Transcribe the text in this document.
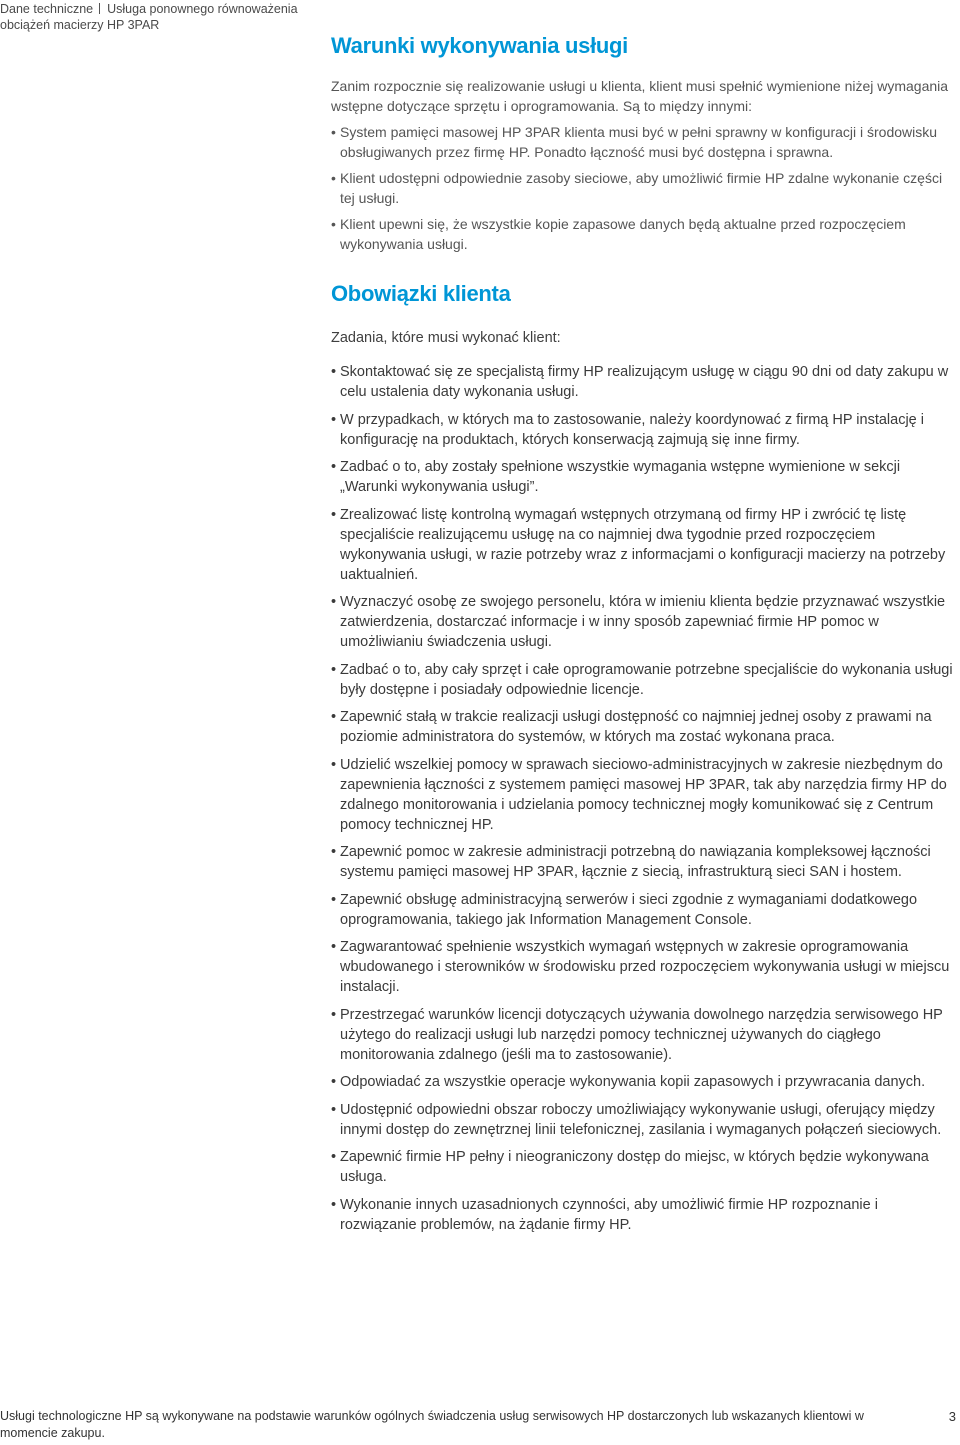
Dane techniczne Usługa ponownego równoważenia
obciążeń macierzy HP 3PAR
Warunki wykonywania usługi

Zanim rozpocznie się realizowanie usługi u klienta, klient musi spełnić wymienione niżej wymagania wstępne dotyczące sprzętu i oprogramowania. Są to między innymi:

• System pamięci masowej HP 3PAR klienta musi być w pełni sprawny w konfiguracji i środowisku obsługiwanych przez firmę HP. Ponadto łączność musi być dostępna i sprawna.
• Klient udostępni odpowiednie zasoby sieciowe, aby umożliwić firmie HP zdalne wykonanie części tej usługi.
• Klient upewni się, że wszystkie kopie zapasowe danych będą aktualne przed rozpoczęciem wykonywania usługi.
Obowiązki klienta

Zadania, które musi wykonać klient:

• Skontaktować się ze specjalistą firmy HP realizującym usługę w ciągu 90 dni od daty zakupu w celu ustalenia daty wykonania usługi.
• W przypadkach, w których ma to zastosowanie, należy koordynować z firmą HP instalację i konfigurację na produktach, których konserwacją zajmują się inne firmy.
• Zadbać o to, aby zostały spełnione wszystkie wymagania wstępne wymienione w sekcji „Warunki wykonywania usługi”.
• Zrealizować listę kontrolną wymagań wstępnych otrzymaną od firmy HP i zwrócić tę listę specjaliście realizującemu usługę na co najmniej dwa tygodnie przed rozpoczęciem wykonywania usługi, w razie potrzeby wraz z informacjami o konfiguracji macierzy na potrzeby uaktualnień.
• Wyznaczyć osobę ze swojego personelu, która w imieniu klienta będzie przyznawać wszystkie zatwierdzenia, dostarczać informacje i w inny sposób zapewniać firmie HP pomoc w umożliwianiu świadczenia usługi.
• Zadbać o to, aby cały sprzęt i całe oprogramowanie potrzebne specjaliście do wykonania usługi były dostępne i posiadały odpowiednie licencje.
• Zapewnić stałą w trakcie realizacji usługi dostępność co najmniej jednej osoby z prawami na poziomie administratora do systemów, w których ma zostać wykonana praca.
• Udzielić wszelkiej pomocy w sprawach sieciowo-administracyjnych w zakresie niezbędnym do zapewnienia łączności z systemem pamięci masowej HP 3PAR, tak aby narzędzia firmy HP do zdalnego monitorowania i udzielania pomocy technicznej mogły komunikować się z Centrum pomocy technicznej HP.
• Zapewnić pomoc w zakresie administracji potrzebną do nawiązania kompleksowej łączności systemu pamięci masowej HP 3PAR, łącznie z siecią, infrastrukturą sieci SAN i hostem.
• Zapewnić obsługę administracyjną serwerów i sieci zgodnie z wymaganiami dodatkowego oprogramowania, takiego jak Information Management Console.
• Zagwarantować spełnienie wszystkich wymagań wstępnych w zakresie oprogramowania wbudowanego i sterowników w środowisku przed rozpoczęciem wykonywania usługi w miejscu instalacji.
• Przestrzegać warunków licencji dotyczących używania dowolnego narzędzia serwisowego HP użytego do realizacji usługi lub narzędzi pomocy technicznej używanych do ciągłego monitorowania zdalnego (jeśli ma to zastosowanie).
• Odpowiadać za wszystkie operacje wykonywania kopii zapasowych i przywracania danych.
• Udostępnić odpowiedni obszar roboczy umożliwiający wykonywanie usługi, oferujący między innymi dostęp do zewnętrznej linii telefonicznej, zasilania i wymaganych połączeń sieciowych.
• Zapewnić firmie HP pełny i nieograniczony dostęp do miejsc, w których będzie wykonywana usługa.
• Wykonanie innych uzasadnionych czynności, aby umożliwić firmie HP rozpoznanie i rozwiązanie problemów, na żądanie firmy HP.
Usługi technologiczne HP są wykonywane na podstawie warunków ogólnych świadczenia usług serwisowych HP dostarczonych lub wskazanych klientowi w momencie zakupu.
3
